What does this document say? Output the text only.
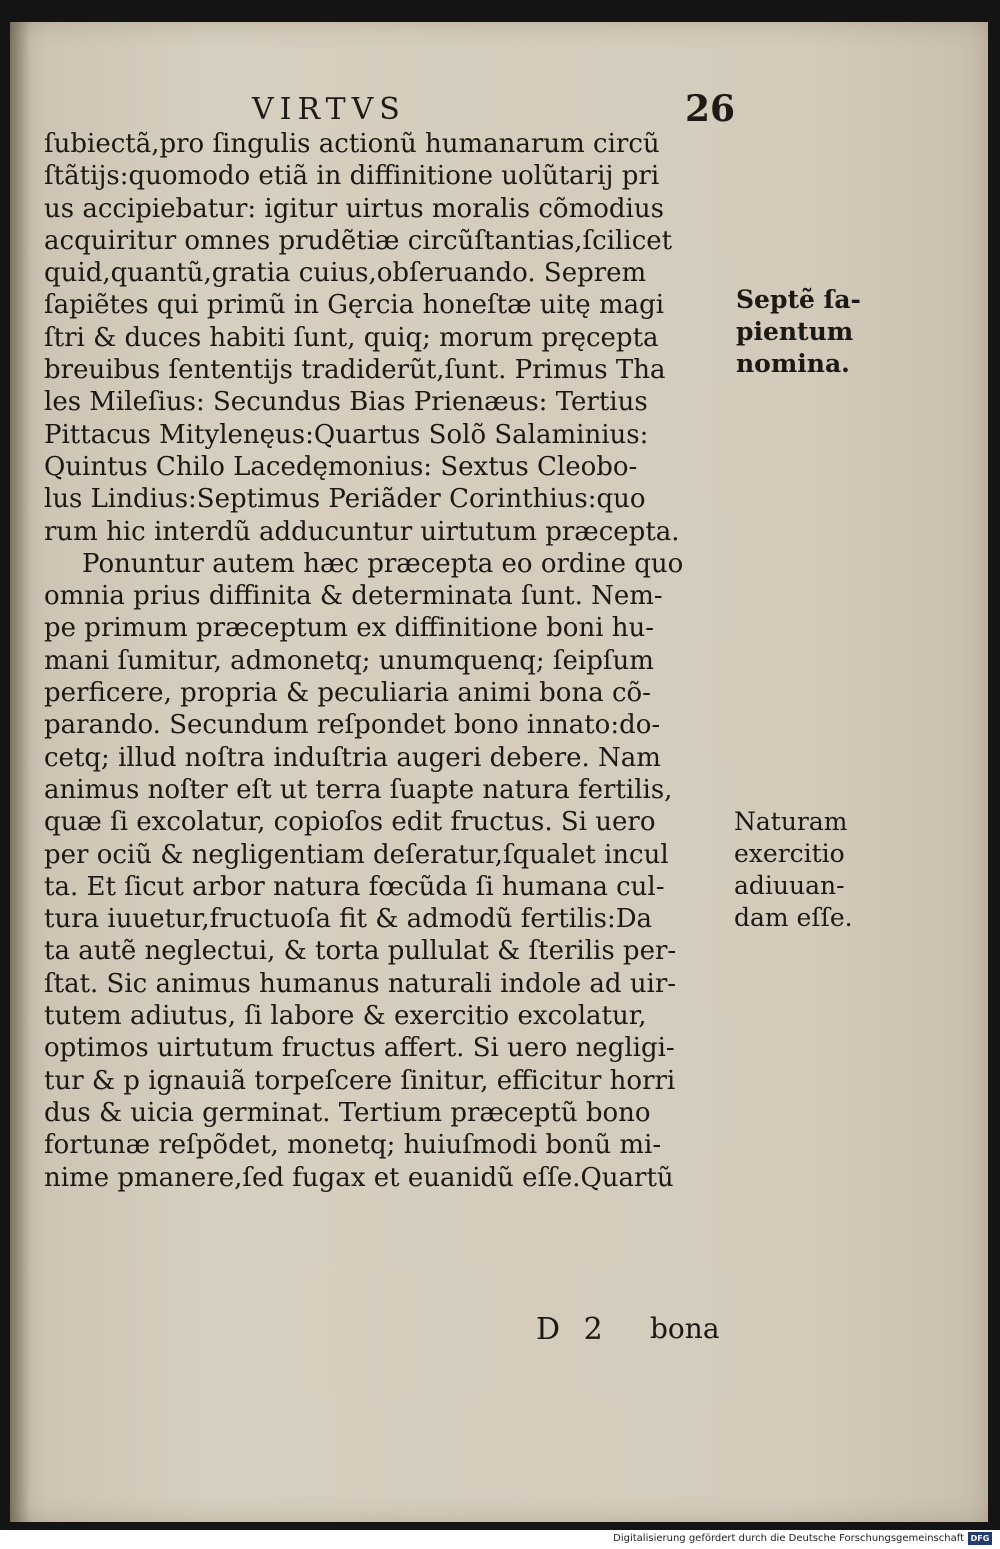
VIRTVS	26
ſubiectã,pro ſingulis actionũ humanarum circũ
ſtãtijs:quomodo etiã in diffinitione uolũtarij pri
us accipiebatur: igitur uirtus moralis cõmodius
acquiritur omnes prudẽtiæ circũſtantias,ſcilicet
quid,quantũ,gratia cuius,obſeruando. Seprem
ſapiẽtes qui primũ in Gęrcia honeſtæ uitę magi
ſtri & duces habiti ſunt, quiq; morum pręcepta
breuibus ſententijs tradiderũt,ſunt. Primus Tha
les Mileſius: Secundus Bias Prienæus: Tertius
Pittacus Mitylenęus:Quartus Solõ Salaminius:
Quintus Chilo Lacedęmonius: Sextus Cleobo-
lus Lindius:Septimus Periãder Corinthius:quo
rum hic interdũ adducuntur uirtutum præcepta.
Ponuntur autem hæc præcepta eo ordine quo
omnia prius diffinita & determinata ſunt. Nem-
pe primum præceptum ex diffinitione boni hu-
mani ſumitur, admonetq; unumquenq; ſeipſum
perficere, propria & peculiaria animi bona cõ-
parando. Secundum reſpondet bono innato:do-
cetq; illud noſtra induſtria augeri debere. Nam
animus noſter eſt ut terra ſuapte natura fertilis,
quæ ſi excolatur, copioſos edit fructus. Si uero
per ociũ & negligentiam deſeratur,ſqualet incul
ta. Et ſicut arbor natura fœcũda ſi humana cul-
tura iuuetur,fructuoſa fit & admodũ fertilis:Da
ta autẽ neglectui, & torta pullulat & ſterilis per-
ſtat. Sic animus humanus naturali indole ad uir-
tutem adiutus, ſi labore & exercitio excolatur,
optimos uirtutum fructus affert. Si uero negligi-
tur & p ignauiã torpeſcere ſinitur, efficitur horri
dus & uicia germinat. Tertium præceptũ bono
fortunæ reſpõdet, monetq; huiuſmodi bonũ mi-
nime pmanere,ſed fugax et euanidũ eſſe.Quartũ
Septẽ ſa-
pientum
nomina.
Naturam
exercitio
adiuuan-
dam eſſe.
D 2 bona
Digitalisierung gefördert durch die Deutsche Forschungsgemeinschaft DFG
